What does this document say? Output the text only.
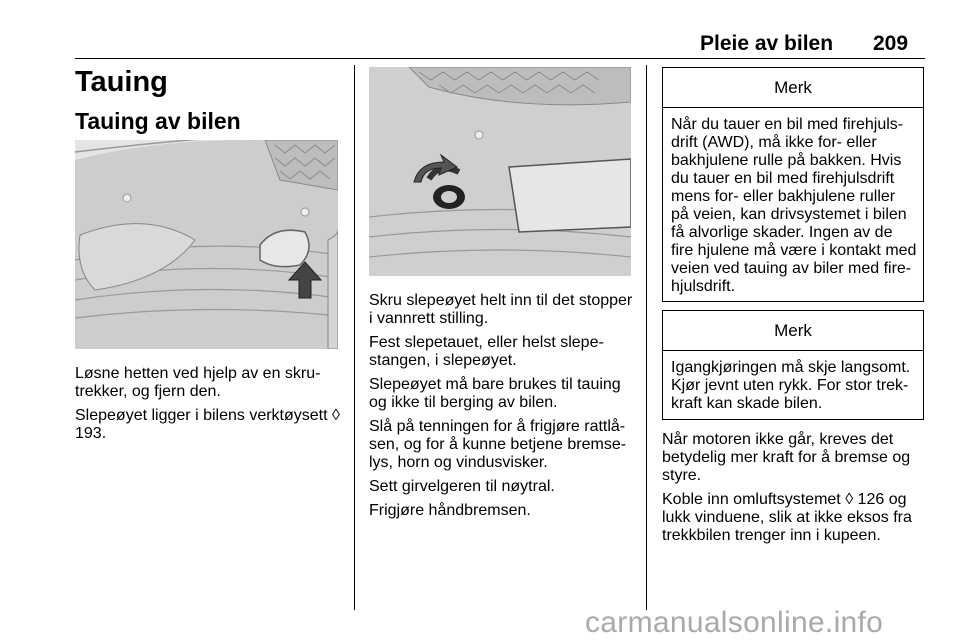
Pleie av bilen 209
Tauing
Tauing av bilen

Løsne hetten ved hjelp av en skru-trekker, og fjern den.

Slepeøyet ligger i bilens verktøysett ◊ 193.

Skru slepeøyet helt inn til det stopper i vannrett stilling.

Fest slepetauet, eller helst slepe-stangen, i slepeøyet.

Slepeøyet må bare brukes til tauing og ikke til berging av bilen.

Slå på tenningen for å frigjøre rattlå-sen, og for å kunne betjene bremse-lys, horn og vindusvisker.

Sett girvelgeren til nøytral.

Frigjøre håndbremsen.

Merk
Når du tauer en bil med firehjuls-drift (AWD), må ikke for- eller bakhjulene rulle på bakken. Hvis du tauer en bil med firehjulsdrift mens for- eller bakhjulene ruller på veien, kan drivsystemet i bilen få alvorlige skader. Ingen av de fire hjulene må være i kontakt med veien ved tauing av biler med fire-hjulsdrift.
Merk
Igangkjøringen må skje langsomt. Kjør jevnt uten rykk. For stor trek-kraft kan skade bilen.

Når motoren ikke går, kreves det betydelig mer kraft for å bremse og styre.

Koble inn omluftsystemet ◊ 126 og lukk vinduene, slik at ikke eksos fra trekkbilen trenger inn i kupeen.

carmanualsonline.info
